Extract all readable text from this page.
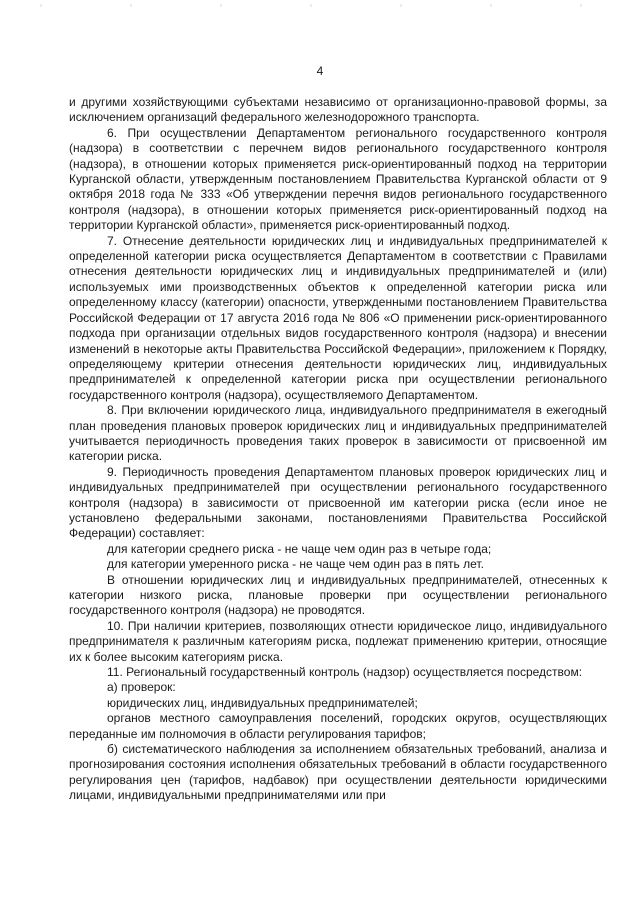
4

и другими хозяйствующими субъектами независимо от организационно-правовой формы, за исключением организаций федерального железнодорожного транспорта.

6. При осуществлении Департаментом регионального государственного контроля (надзора) в соответствии с перечнем видов регионального государственного контроля (надзора), в отношении которых применяется риск-ориентированный подход на территории Курганской области, утвержденным постановлением Правительства Курганской области от 9 октября 2018 года № 333 «Об утверждении перечня видов регионального государственного контроля (надзора), в отношении которых применяется риск-ориентированный подход на территории Курганской области», применяется риск-ориентированный подход.

7. Отнесение деятельности юридических лиц и индивидуальных предпринимателей к определенной категории риска осуществляется Департаментом в соответствии с Правилами отнесения деятельности юридических лиц и индивидуальных предпринимателей и (или) используемых ими производственных объектов к определенной категории риска или определенному классу (категории) опасности, утвержденными постановлением Правительства Российской Федерации от 17 августа 2016 года № 806 «О применении риск-ориентированного подхода при организации отдельных видов государственного контроля (надзора) и внесении изменений в некоторые акты Правительства Российской Федерации», приложением к Порядку, определяющему критерии отнесения деятельности юридических лиц, индивидуальных предпринимателей к определенной категории риска при осуществлении регионального государственного контроля (надзора), осуществляемого Департаментом.

8. При включении юридического лица, индивидуального предпринимателя в ежегодный план проведения плановых проверок юридических лиц и индивидуальных предпринимателей учитывается периодичность проведения таких проверок в зависимости от присвоенной им категории риска.

9. Периодичность проведения Департаментом плановых проверок юридических лиц и индивидуальных предпринимателей при осуществлении регионального государственного контроля (надзора) в зависимости от присвоенной им категории риска (если иное не установлено федеральными законами, постановлениями Правительства Российской Федерации) составляет:

для категории среднего риска - не чаще чем один раз в четыре года;

для категории умеренного риска - не чаще чем один раз в пять лет.

В отношении юридических лиц и индивидуальных предпринимателей, отнесенных к категории низкого риска, плановые проверки при осуществлении регионального государственного контроля (надзора) не проводятся.

10. При наличии критериев, позволяющих отнести юридическое лицо, индивидуального предпринимателя к различным категориям риска, подлежат применению критерии, относящие их к более высоким категориям риска.

11. Региональный государственный контроль (надзор) осуществляется посредством:

а) проверок:

юридических лиц, индивидуальных предпринимателей;

органов местного самоуправления поселений, городских округов, осуществляющих переданные им полномочия в области регулирования тарифов;

б) систематического наблюдения за исполнением обязательных требований, анализа и прогнозирования состояния исполнения обязательных требований в области государственного регулирования цен (тарифов, надбавок) при осуществлении деятельности юридическими лицами, индивидуальными предпринимателями или при
